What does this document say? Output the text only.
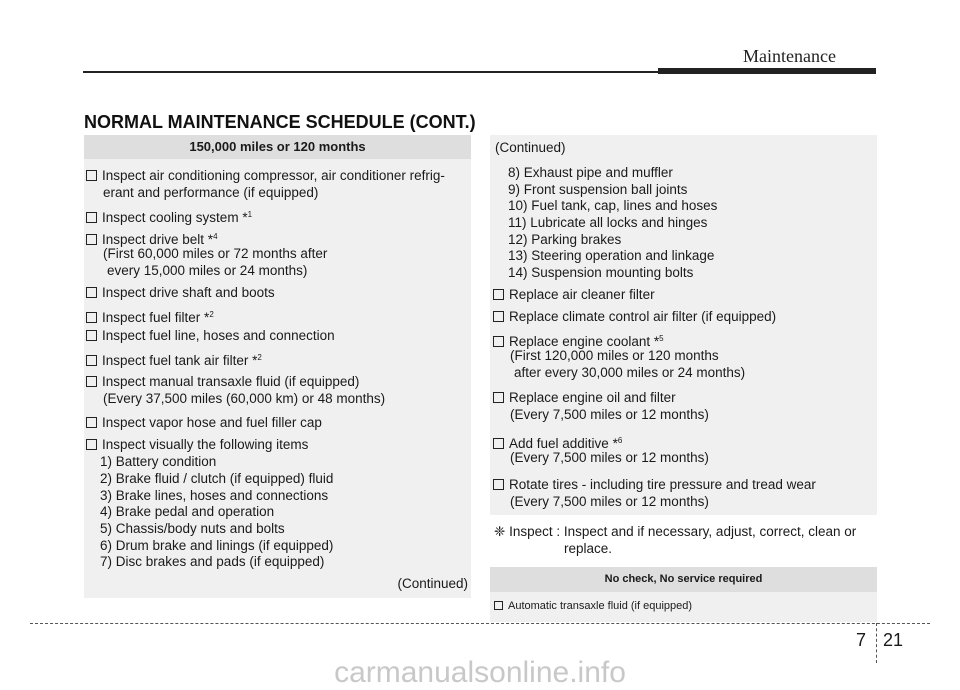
Maintenance
NORMAL MAINTENANCE SCHEDULE (CONT.)
150,000 miles or 120 months
Inspect air conditioning compressor, air conditioner refrig-
erant and performance (if equipped)
Inspect cooling system *$^1$
Inspect drive belt *$^4$
(First 60,000 miles or 72 months after
every 15,000 miles or 24 months)
Inspect drive shaft and boots
Inspect fuel filter *$^2$
Inspect fuel line, hoses and connection
Inspect fuel tank air filter *$^2$
Inspect manual transaxle fluid (if equipped)
(Every 37,500 miles (60,000 km) or 48 months)
Inspect vapor hose and fuel filler cap
Inspect visually the following items
1) Battery condition
2) Brake fluid / clutch (if equipped) fluid
3) Brake lines, hoses and connections
4) Brake pedal and operation
5) Chassis/body nuts and bolts
6) Drum brake and linings (if equipped)
7) Disc brakes and pads (if equipped)
(Continued)
(Continued)
8) Exhaust pipe and muffler
9) Front suspension ball joints
10) Fuel tank, cap, lines and hoses
11) Lubricate all locks and hinges
12) Parking brakes
13) Steering operation and linkage
14) Suspension mounting bolts
Replace air cleaner filter
Replace climate control air filter (if equipped)
Replace engine coolant *$^5$
(First 120,000 miles or 120 months
after every 30,000 miles or 24 months)
Replace engine oil and filter
(Every 7,500 miles or 12 months)
Add fuel additive *$^6$
(Every 7,500 miles or 12 months)
Rotate tires - including tire pressure and tread wear
(Every 7,500 miles or 12 months)
❈ Inspect : Inspect and if necessary, adjust, correct, clean or
replace.
No check, No service required
Automatic transaxle fluid (if equipped)
7 21
carmanualsonline.info
